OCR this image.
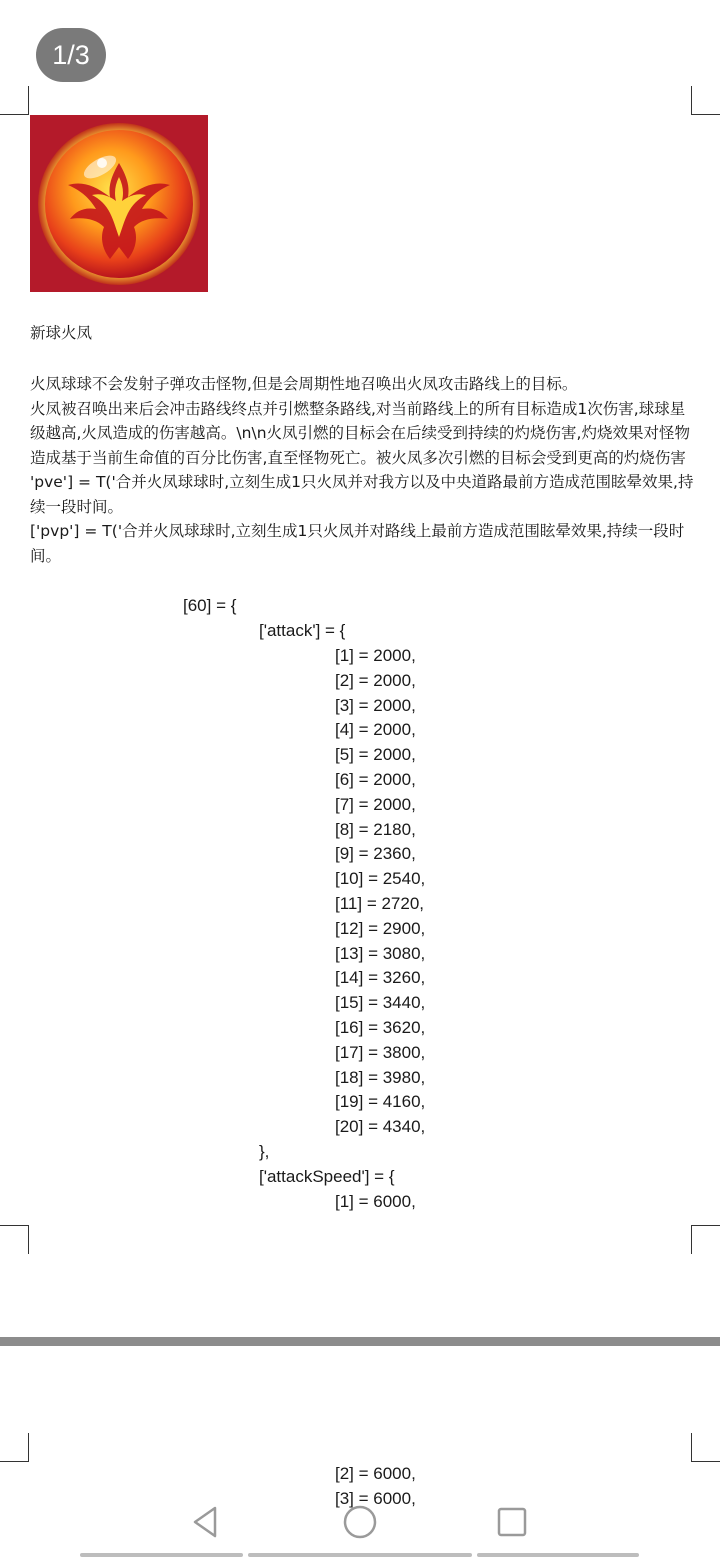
1/3
新球火凤

火凤球球不会发射子弹攻击怪物,但是会周期性地召唤出火凤攻击路线上的目标。

火凤被召唤出来后会冲击路线终点并引燃整条路线,对当前路线上的所有目标造成1次伤害,球球星级越高,火凤造成的伤害越高。\n\n火凤引燃的目标会在后续受到持续的灼烧伤害,灼烧效果对怪物造成基于当前生命值的百分比伤害,直至怪物死亡。被火凤多次引燃的目标会受到更高的灼烧伤害

'pve'] = T('合并火凤球球时,立刻生成1只火凤并对我方以及中央道路最前方造成范围眩晕效果,持续一段时间。

['pvp'] = T('合并火凤球球时,立刻生成1只火凤并对路线上最前方造成范围眩晕效果,持续一段时间。

[60] = {
['attack'] = {
[1] = 2000,
[2] = 2000,
[3] = 2000,
[4] = 2000,
[5] = 2000,
[6] = 2000,
[7] = 2000,
[8] = 2180,
[9] = 2360,
[10] = 2540,
[11] = 2720,
[12] = 2900,
[13] = 3080,
[14] = 3260,
[15] = 3440,
[16] = 3620,
[17] = 3800,
[18] = 3980,
[19] = 4160,
[20] = 4340,
},
['attackSpeed'] = {
[1] = 6000,
[2] = 6000,
[3] = 6000,
